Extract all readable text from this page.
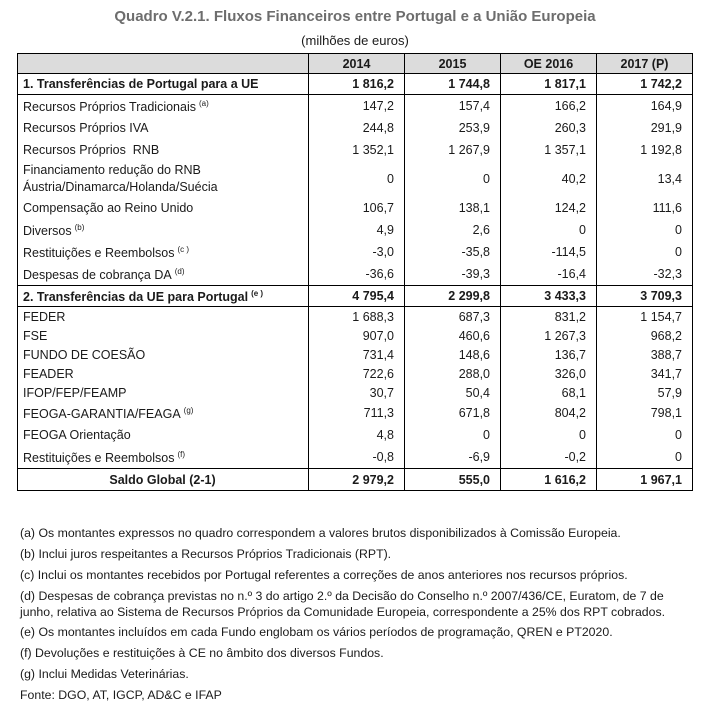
Quadro V.2.1. Fluxos Financeiros entre Portugal e a União Europeia
(milhões de euros)
	2014	2015	OE 2016	2017 (P)
1. Transferências de Portugal para a UE	1 816,2	1 744,8	1 817,1	1 742,2
Recursos Próprios Tradicionais $^{(a)}$	147,2	157,4	166,2	164,9
Recursos Próprios IVA	244,8	253,9	260,3	291,9
Recursos Próprios  RNB	1 352,1	1 267,9	1 357,1	1 192,8
Financiamento redução do RNB Áustria/Dinamarca/Holanda/Suécia	0	0	40,2	13,4
Compensação ao Reino Unido	106,7	138,1	124,2	111,6
Diversos $^{(b)}$	4,9	2,6	0	0
Restituições e Reembolsos $^{(c )}$	-3,0	-35,8	-114,5	0
Despesas de cobrança DA $^{(d)}$	-36,6	-39,3	-16,4	-32,3
2. Transferências da UE para Portugal $^{(e )}$	4 795,4	2 299,8	3 433,3	3 709,3
FEDER	1 688,3	687,3	831,2	1 154,7
FSE	907,0	460,6	1 267,3	968,2
FUNDO DE COESÃO	731,4	148,6	136,7	388,7
FEADER	722,6	288,0	326,0	341,7
IFOP/FEP/FEAMP	30,7	50,4	68,1	57,9
FEOGA-GARANTIA/FEAGA $^{(g)}$	711,3	671,8	804,2	798,1
FEOGA Orientação	4,8	0	0	0
Restituições e Reembolsos $^{(f)}$	-0,8	-6,9	-0,2	0
Saldo Global (2-1)	2 979,2	555,0	1 616,2	1 967,1
(a) Os montantes expressos no quadro correspondem a valores brutos disponibilizados à Comissão Europeia.
(b) Inclui juros respeitantes a Recursos Próprios Tradicionais (RPT).
(c) Inclui os montantes recebidos por Portugal referentes a correções de anos anteriores nos recursos próprios.
(d) Despesas de cobrança previstas no n.º 3 do artigo 2.º da Decisão do Conselho n.º 2007/436/CE, Euratom, de 7 de junho, relativa ao Sistema de Recursos Próprios da Comunidade Europeia, correspondente a 25% dos RPT cobrados.
(e) Os montantes incluídos em cada Fundo englobam os vários períodos de programação, QREN e PT2020.
(f) Devoluções e restituições à CE no âmbito dos diversos Fundos.
(g) Inclui Medidas Veterinárias.
Fonte: DGO, AT, IGCP, AD&C e IFAP
